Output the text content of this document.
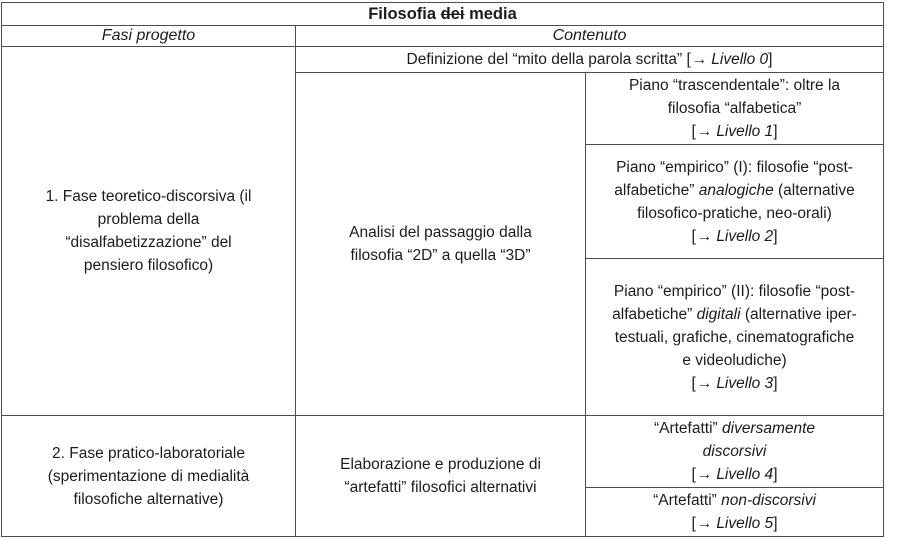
Filosofia dei media		
Fasi progetto	Contenuto	
1. Fase teoretico-discorsiva (il problema della “disalfabetizzazione” del pensiero filosofico)	Definizione del “mito della parola scritta” [→ Livello 0]	
	Analisi del passaggio dalla filosofia “2D” a quella “3D”	Piano “trascendentale”: oltre la filosofia “alfabetica”
[→ Livello 1]

		Piano “empirico” (I): filosofie “post-alfabetiche” analogiche (alternative filosofico-pratiche, neo-orali)
[→ Livello 2]

		Piano “empirico” (II): filosofie “post-alfabetiche” digitali (alternative iper-testuali, grafiche, cinematografiche e videoludiche)
[→ Livello 3]

2. Fase pratico-laboratoriale (sperimentazione di medialità filosofiche alternative)	Elaborazione e produzione di “artefatti” filosofici alternativi	“Artefatti” diversamente discorsivi
[→ Livello 4]

		“Artefatti” non-discorsivi
[→ Livello 5]
